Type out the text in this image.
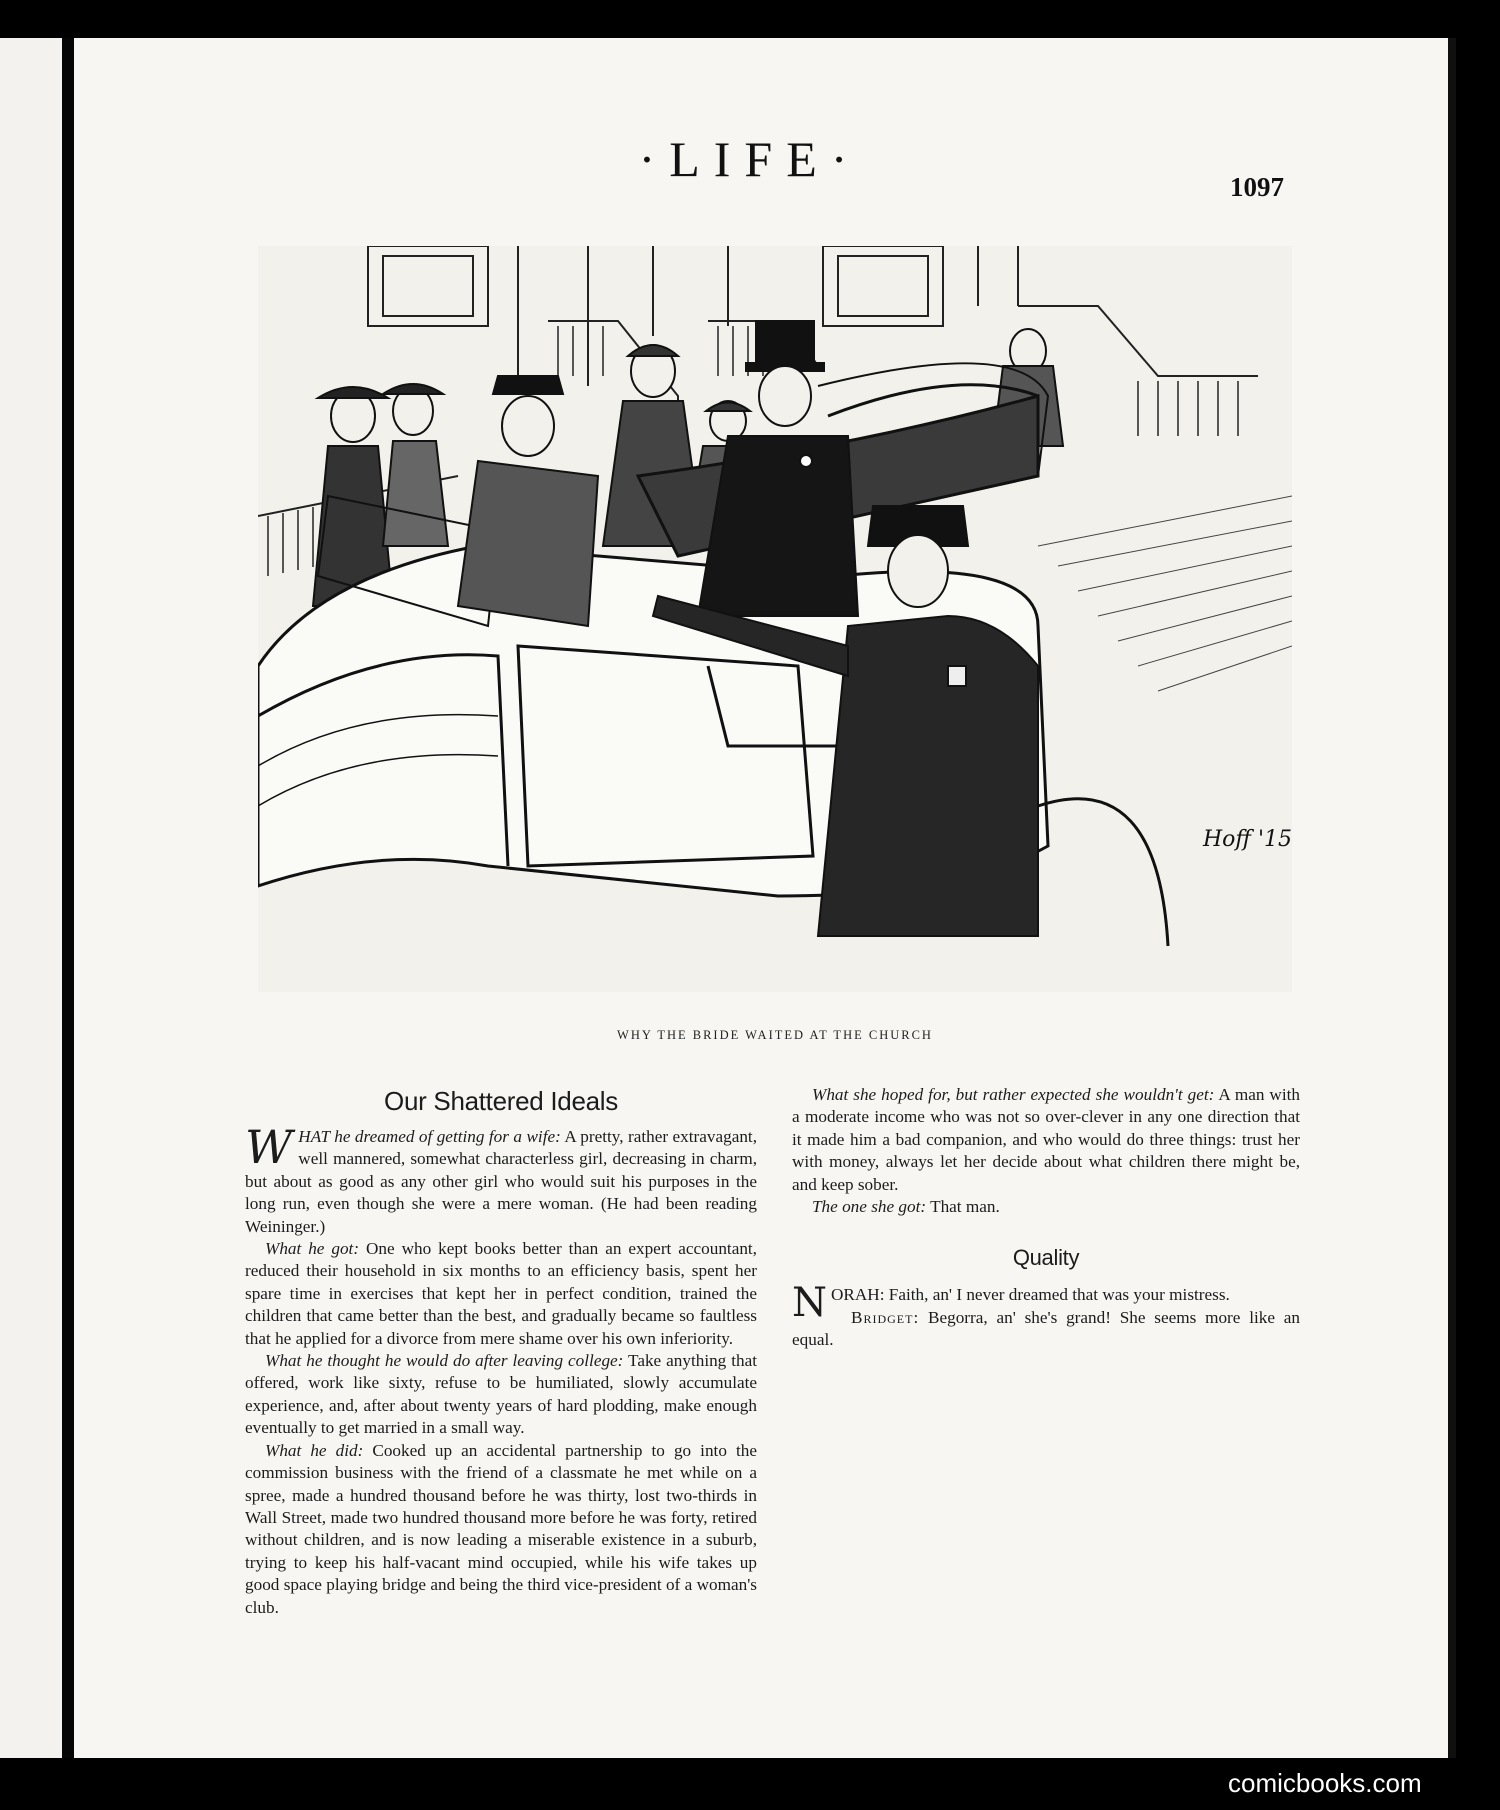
·LIFE·	1097
Hoff '15
WHY THE BRIDE WAITED AT THE CHURCH
Our Shattered Ideals

WHAT he dreamed of getting for a wife: A pretty, rather extravagant, well mannered, somewhat characterless girl, decreasing in charm, but about as good as any other girl who would suit his purposes in the long run, even though she were a mere woman. (He had been reading Weininger.)

What he got: One who kept books better than an expert accountant, reduced their household in six months to an efficiency basis, spent her spare time in exercises that kept her in perfect condition, trained the children that came better than the best, and gradually became so faultless that he applied for a divorce from mere shame over his own inferiority.

What he thought he would do after leaving college: Take anything that offered, work like sixty, refuse to be humiliated, slowly accumulate experience, and, after about twenty years of hard plodding, make enough eventually to get married in a small way.

What he did: Cooked up an accidental partnership to go into the commission business with the friend of a classmate he met while on a spree, made a hundred thousand before he was thirty, lost two-thirds in Wall Street, made two hundred thousand more before he was forty, retired without children, and is now leading a miserable existence in a suburb, trying to keep his half-vacant mind occupied, while his wife takes up good space playing bridge and being the third vice-president of a woman's club.

What she hoped for, but rather expected she wouldn't get: A man with a moderate income who was not so over-clever in any one direction that it made him a bad companion, and who would do three things: trust her with money, always let her decide about what children there might be, and keep sober.

The one she got: That man.

Quality

NORAH: Faith, an' I never dreamed that was your mistress.

Bridget: Begorra, an' she's grand! She seems more like an equal.

comicbooks.com
